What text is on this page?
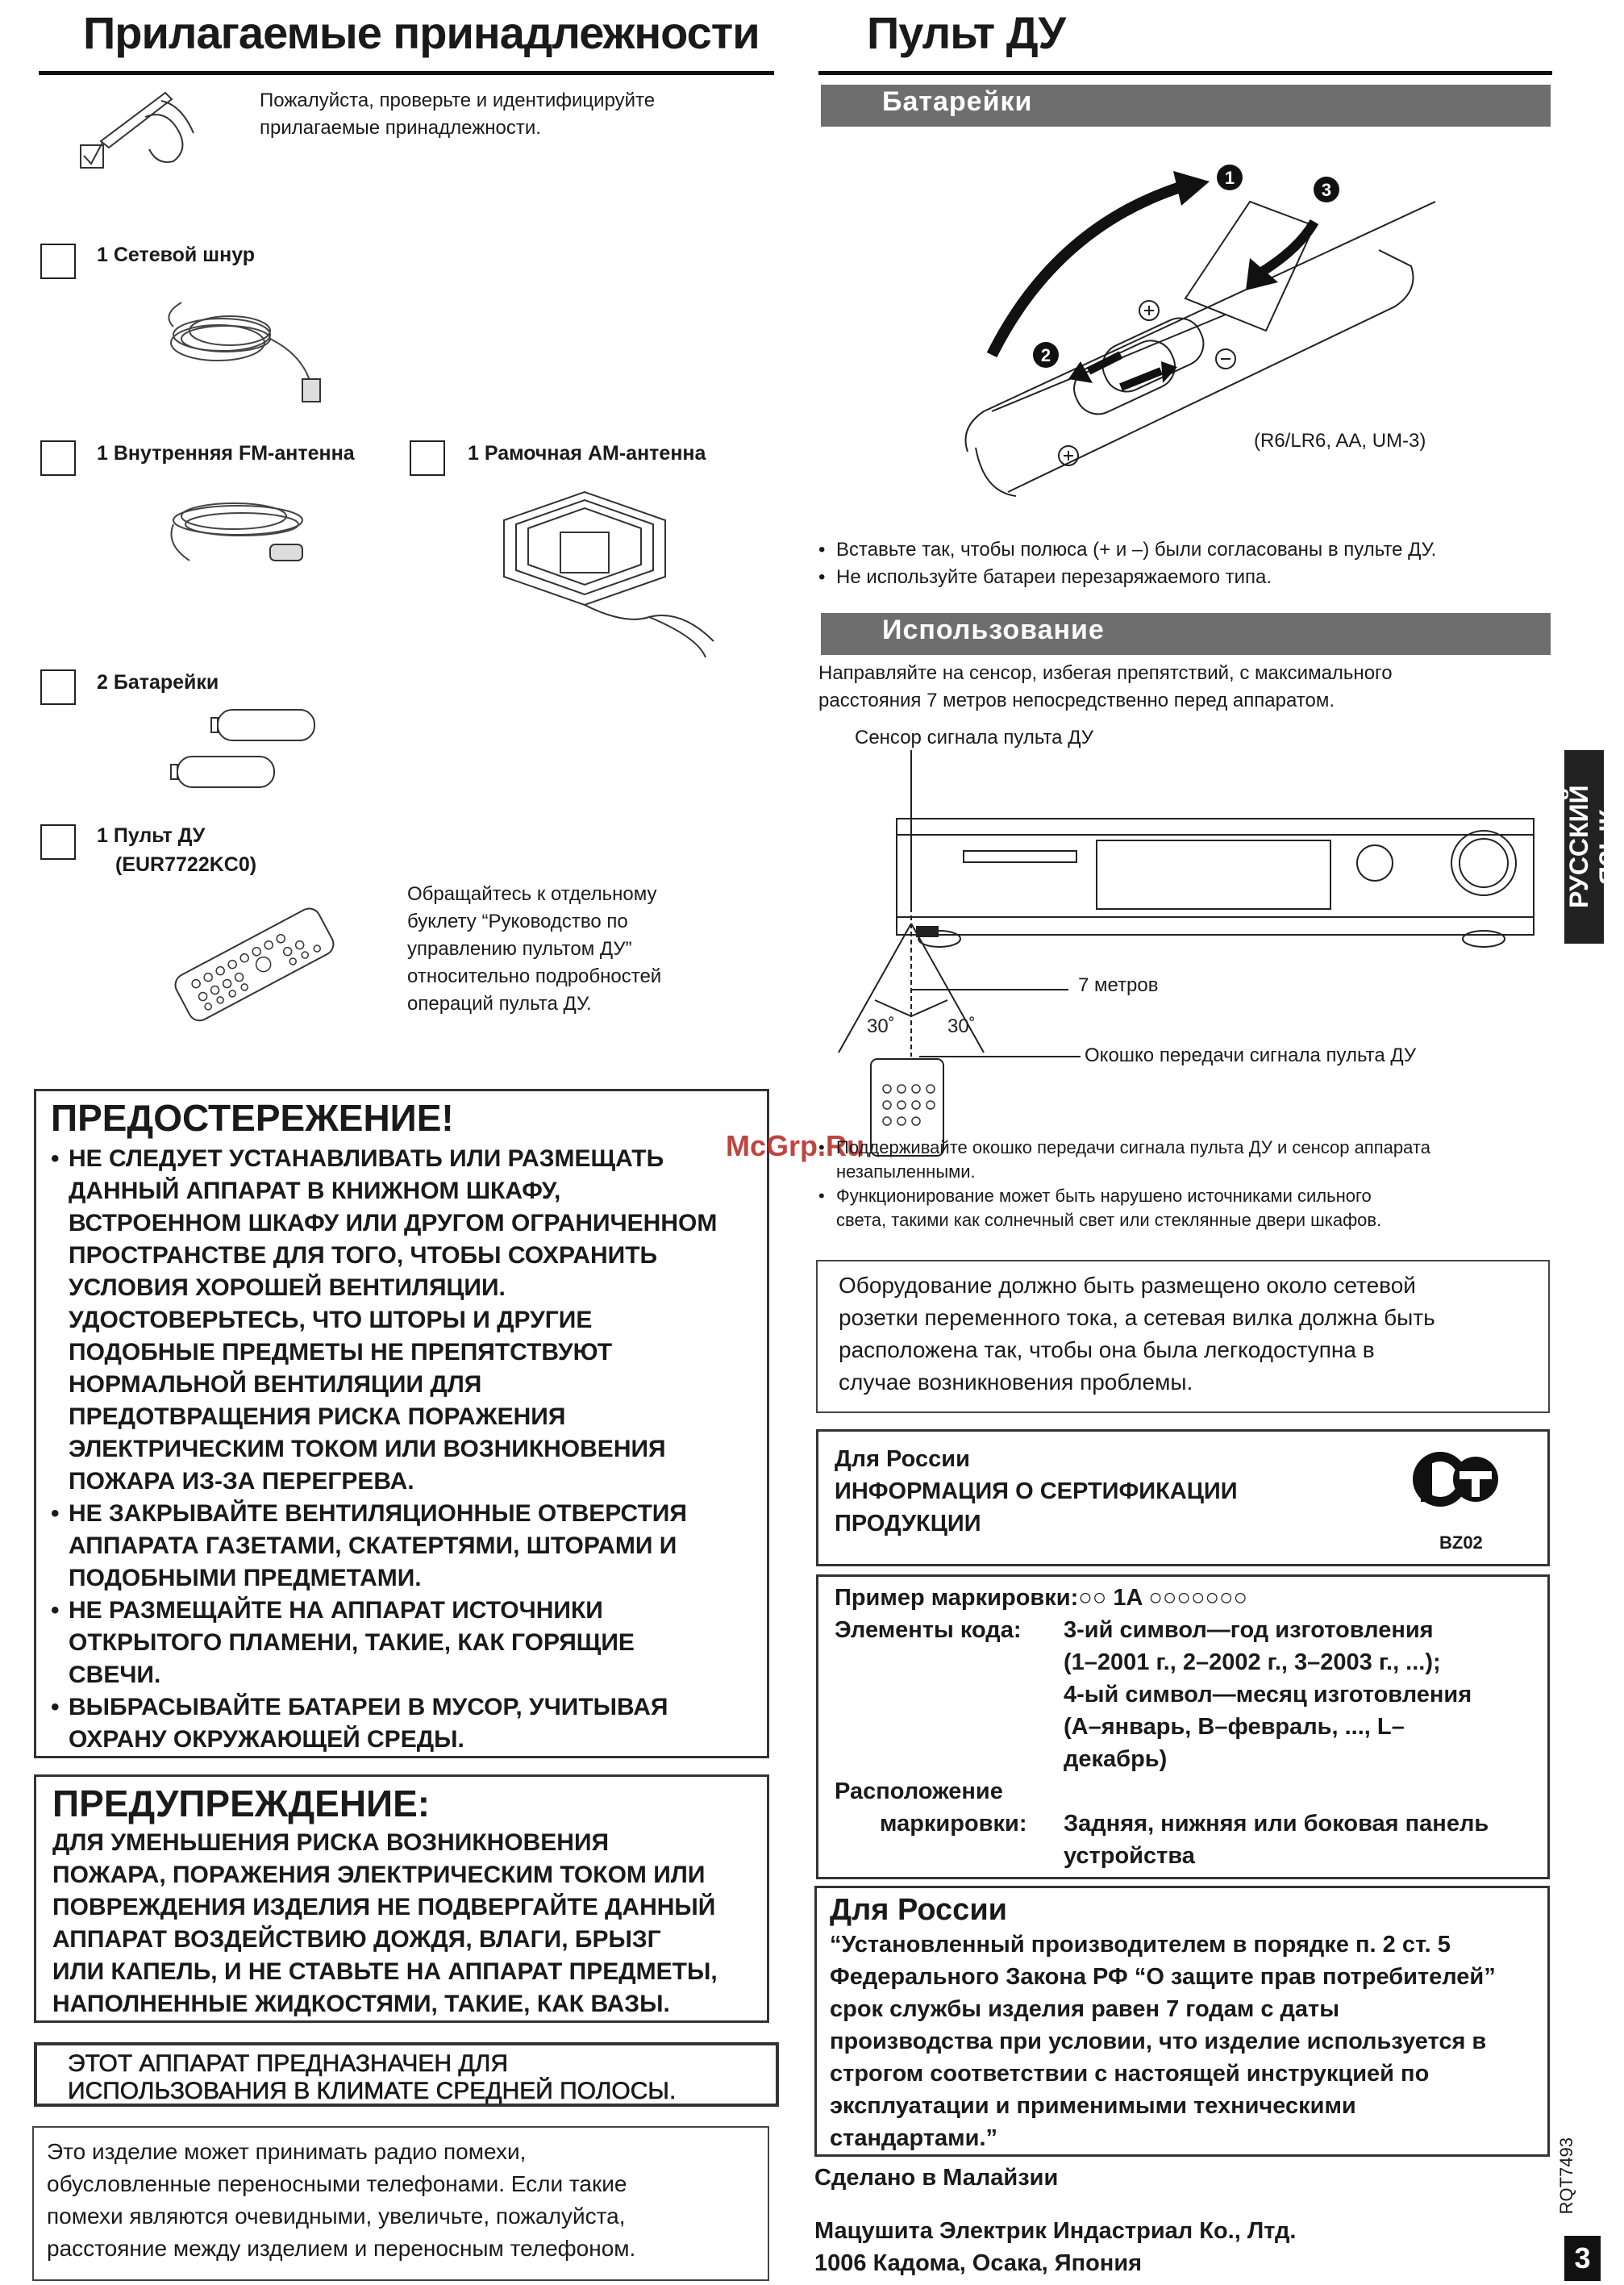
Прилагаемые принадлежности
Пожалуйста, проверьте и идентифицируйте
прилагаемые принадлежности.
1 Сетевой шнур
1 Внутренняя FM-антенна	1 Рамочная АМ-антенна
2 Батарейки
1 Пульт ДУ
(EUR7722KC0)
Обращайтесь к отдельному
буклету “Руководство по
управлению пультом ДУ”
относительно подробностей
операций пульта ДУ.
ПРЕДОСТЕРЕЖЕНИЕ!
• НЕ СЛЕДУЕТ УСТАНАВЛИВАТЬ ИЛИ РАЗМЕЩАТЬ
ДАННЫЙ АППАРАТ В КНИЖНОМ ШКАФУ,
ВСТРОЕННОМ ШКАФУ ИЛИ ДРУГОМ ОГРАНИЧЕННОМ
ПРОСТРАНСТВЕ ДЛЯ ТОГО, ЧТОБЫ СОХРАНИТЬ
УСЛОВИЯ ХОРОШЕЙ ВЕНТИЛЯЦИИ.
УДОСТОВЕРЬТЕСЬ, ЧТО ШТОРЫ И ДРУГИЕ
ПОДОБНЫЕ ПРЕДМЕТЫ НЕ ПРЕПЯТСТВУЮТ
НОРМАЛЬНОЙ ВЕНТИЛЯЦИИ ДЛЯ
ПРЕДОТВРАЩЕНИЯ РИСКА ПОРАЖЕНИЯ
ЭЛЕКТРИЧЕСКИМ ТОКОМ ИЛИ ВОЗНИКНОВЕНИЯ
ПОЖАРА ИЗ-ЗА ПЕРЕГРЕВА.
• НЕ ЗАКРЫВАЙТЕ ВЕНТИЛЯЦИОННЫЕ ОТВЕРСТИЯ
АППАРАТА ГАЗЕТАМИ, СКАТЕРТЯМИ, ШТОРАМИ И
ПОДОБНЫМИ ПРЕДМЕТАМИ.
• НЕ РАЗМЕЩАЙТЕ НА АППАРАТ ИСТОЧНИКИ
ОТКРЫТОГО ПЛАМЕНИ, ТАКИЕ, КАК ГОРЯЩИЕ
СВЕЧИ.
• ВЫБРАСЫВАЙТЕ БАТАРЕИ В МУСОР, УЧИТЫВАЯ
ОХРАНУ ОКРУЖАЮЩЕЙ СРЕДЫ.
ПРЕДУПРЕЖДЕНИЕ:
ДЛЯ УМЕНЬШЕНИЯ РИСКА ВОЗНИКНОВЕНИЯ
ПОЖАРА, ПОРАЖЕНИЯ ЭЛЕКТРИЧЕСКИМ ТОКОМ ИЛИ
ПОВРЕЖДЕНИЯ ИЗДЕЛИЯ НЕ ПОДВЕРГАЙТЕ ДАННЫЙ
АППАРАТ ВОЗДЕЙСТВИЮ ДОЖДЯ, ВЛАГИ, БРЫЗГ
ИЛИ КАПЕЛЬ, И НЕ СТАВЬТЕ НА АППАРАТ ПРЕДМЕТЫ,
НАПОЛНЕННЫЕ ЖИДКОСТЯМИ, ТАКИЕ, КАК ВАЗЫ.
ЭТОТ АППАРАТ ПРЕДНАЗНАЧЕН ДЛЯ
ИСПОЛЬЗОВАНИЯ В КЛИМАТЕ СРЕДНЕЙ ПОЛОСЫ.
Это изделие может принимать радио помехи,
обусловленные переносными телефонами. Если такие
помехи являются очевидными, увеличьте, пожалуйста,
расстояние между изделием и переносным телефоном.
Пульт ДУ
Батарейки
1
2
3
(R6/LR6, AA, UM-3)
• Вставьте так, чтобы полюса (+ и –) были согласованы в пульте ДУ.
• Не используйте батареи перезаряжаемого типа.
Использование
Направляйте на сенсор, избегая препятствий, с максимального
расстояния 7 метров непосредственно перед аппаратом.
Сенсор сигнала пульта ДУ
30˚	30˚
7 метров
Окошко передачи сигнала пульта ДУ
McGrp.Ru
• Поддерживайте окошко передачи сигнала пульта ДУ и сенсор аппарата
незапыленными.
• Функционирование может быть нарушено источниками сильного
света, такими как солнечный свет или стеклянные двери шкафов.
Оборудование должно быть размещено около сетевой
розетки переменного тока, а сетевая вилка должна быть
расположена так, чтобы она была легкодоступна в
случае возникновения проблемы.
Для России
ИНФОРМАЦИЯ О СЕРТИФИКАЦИИ
ПРОДУКЦИИ
BZ02
Пример маркировки:○○ 1A ○○○○○○○
Элементы кода: 3-ий символ—год изготовления
(1–2001 г., 2–2002 г., 3–2003 г., ...);
4-ый символ—месяц изготовления
(А–январь, В–февраль, ..., L–
декабрь)
Расположение
маркировки: Задняя, нижняя или боковая панель
устройства
Для России
“Установленный производителем в порядке п. 2 ст. 5
Федерального Закона РФ “О защите прав потребителей”
срок службы изделия равен 7 годам с даты
производства при условии, что изделие используется в
строгом соответствии с настоящей инструкцией по
эксплуатации и применимыми техническими
стандартами.”
Сделано в Малайзии
Мацушита Электрик Индастриал Ко., Лтд.
1006 Кадома, Осака, Япония
РУССКИЙ ЯЗЫК
RQT7493
3
